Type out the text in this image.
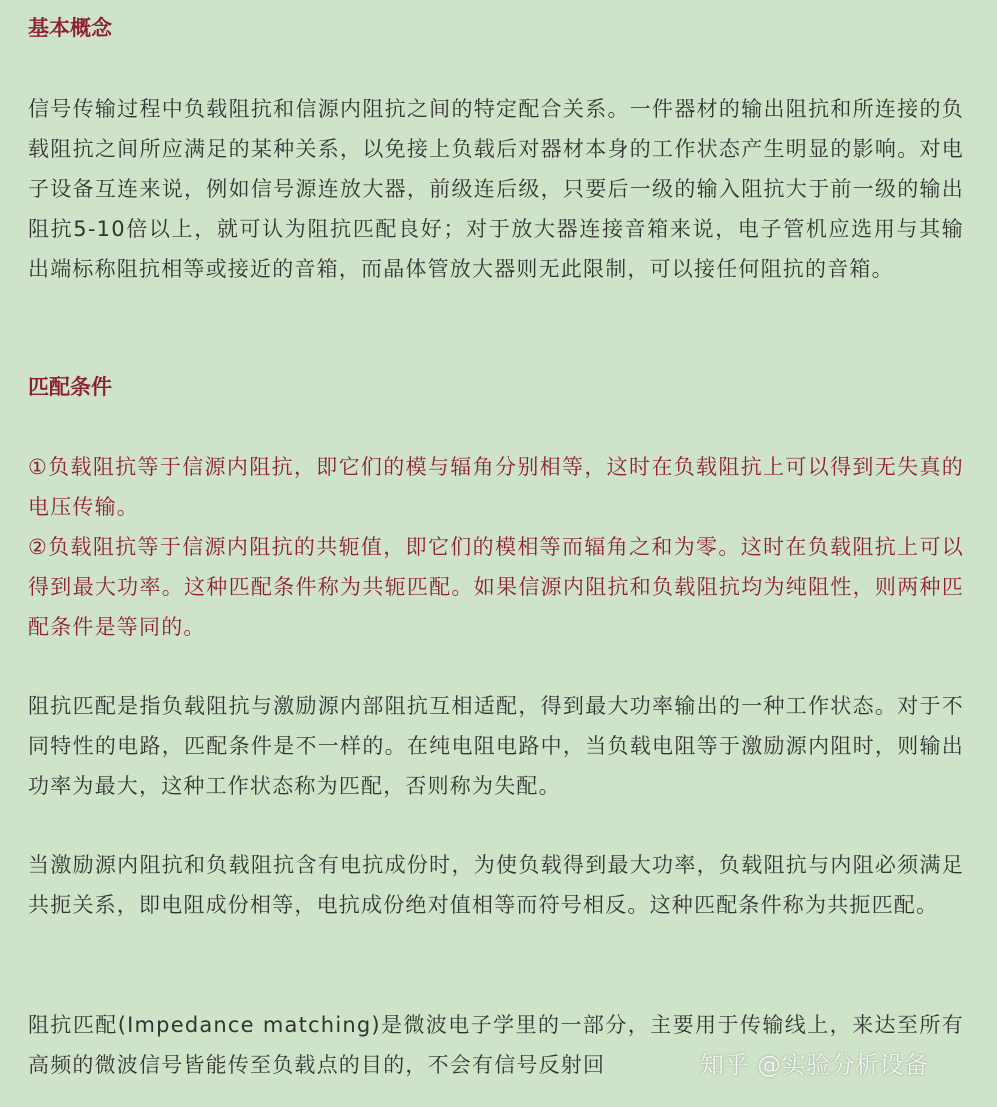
基本概念

信号传输过程中负载阻抗和信源内阻抗之间的特定配合关系。一件器材的输出阻抗和所连接的负载阻抗之间所应满足的某种关系，以免接上负载后对器材本身的工作状态产生明显的影响。对电子设备互连来说，例如信号源连放大器，前级连后级，只要后一级的输入阻抗大于前一级的输出阻抗5-10倍以上，就可认为阻抗匹配良好；对于放大器连接音箱来说，电子管机应选用与其输出端标称阻抗相等或接近的音箱，而晶体管放大器则无此限制，可以接任何阻抗的音箱。

匹配条件

①负载阻抗等于信源内阻抗，即它们的模与辐角分别相等，这时在负载阻抗上可以得到无失真的电压传输。

②负载阻抗等于信源内阻抗的共轭值，即它们的模相等而辐角之和为零。这时在负载阻抗上可以得到最大功率。这种匹配条件称为共轭匹配。如果信源内阻抗和负载阻抗均为纯阻性，则两种匹配条件是等同的。

阻抗匹配是指负载阻抗与激励源内部阻抗互相适配，得到最大功率输出的一种工作状态。对于不同特性的电路，匹配条件是不一样的。在纯电阻电路中，当负载电阻等于激励源内阻时，则输出功率为最大，这种工作状态称为匹配，否则称为失配。

当激励源内阻抗和负载阻抗含有电抗成份时，为使负载得到最大功率，负载阻抗与内阻必须满足共扼关系，即电阻成份相等，电抗成份绝对值相等而符号相反。这种匹配条件称为共扼匹配。

阻抗匹配(Impedance matching)是微波电子学里的一部分，主要用于传输线上，来达至所有高频的微波信号皆能传至负载点的目的，不会有信号反射回	知乎 @实验分析设备
